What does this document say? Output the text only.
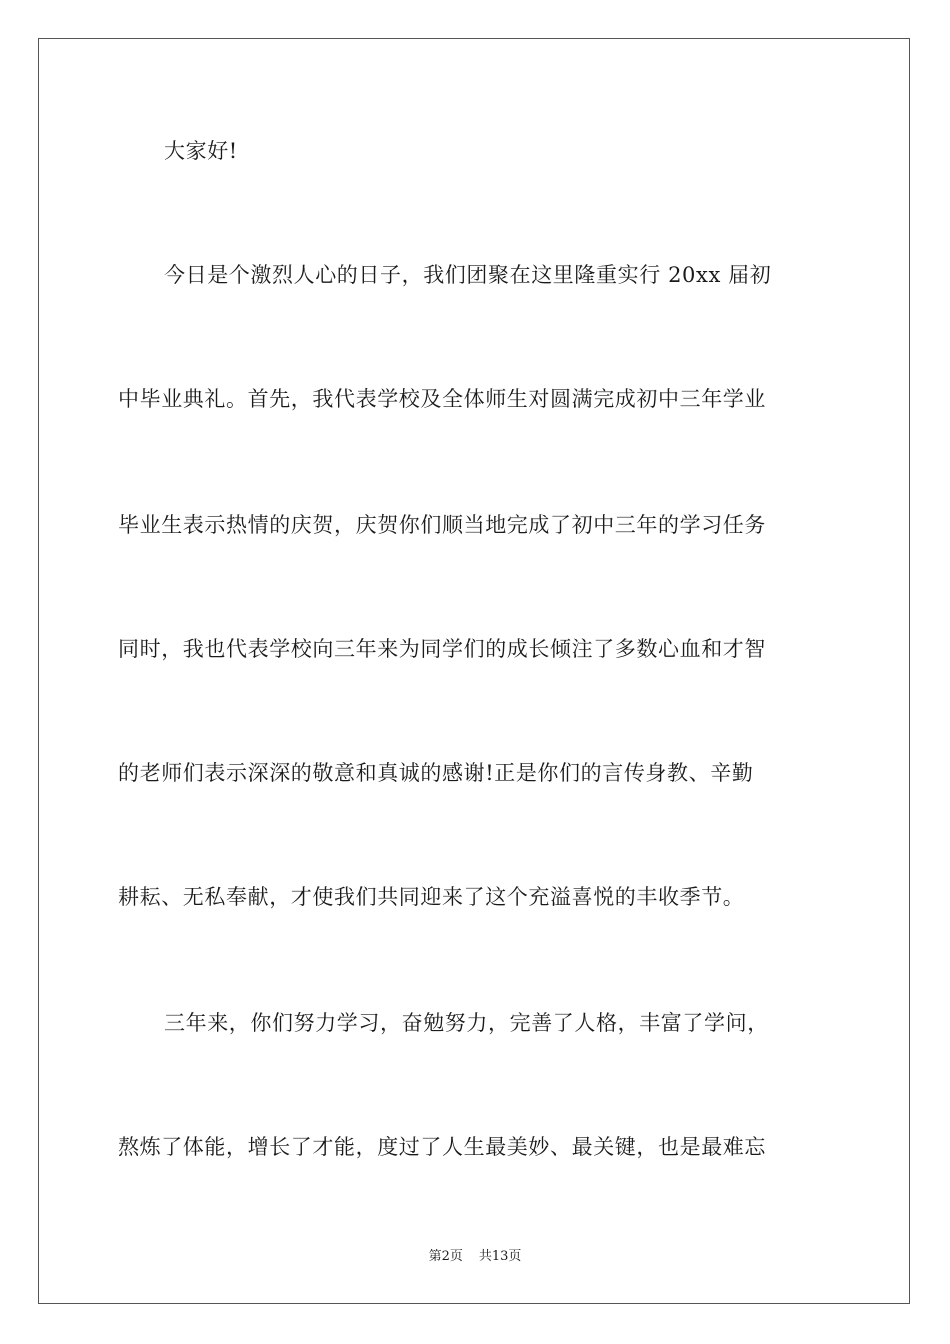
大家好!
今日是个激烈人心的日子，我们团聚在这里隆重实行 20xx 届初
中毕业典礼。首先，我代表学校及全体师生对圆满完成初中三年学业
毕业生表示热情的庆贺，庆贺你们顺当地完成了初中三年的学习任务
同时，我也代表学校向三年来为同学们的成长倾注了多数心血和才智
的老师们表示深深的敬意和真诚的感谢!正是你们的言传身教、辛勤
耕耘、无私奉献，才使我们共同迎来了这个充溢喜悦的丰收季节。
三年来，你们努力学习，奋勉努力，完善了人格，丰富了学问，
熬炼了体能，增长了才能，度过了人生最美妙、最关键，也是最难忘
第2页 共13页
